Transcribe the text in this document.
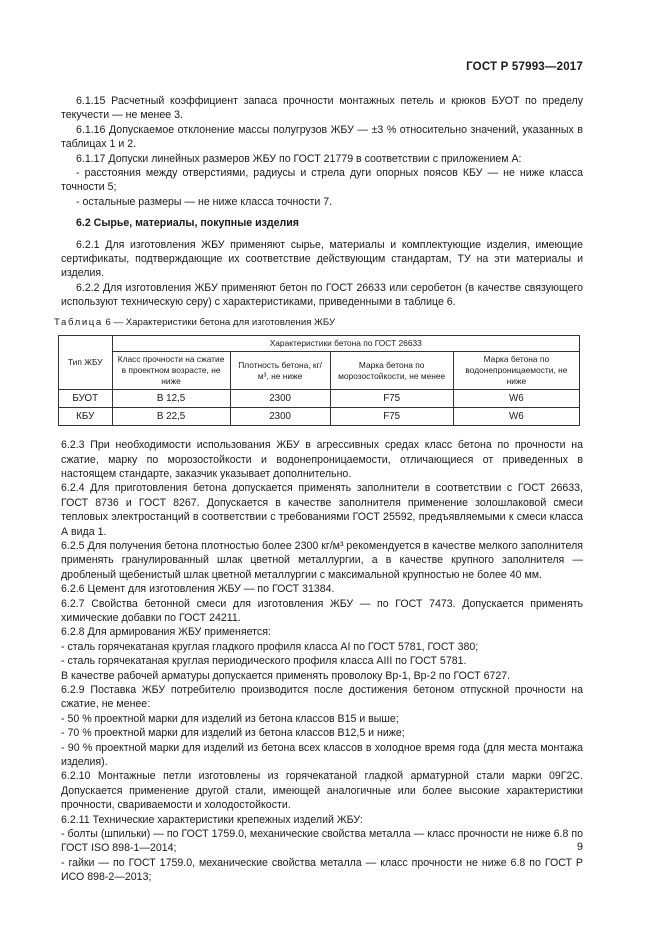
ГОСТ Р 57993—2017

6.1.15 Расчетный коэффициент запаса прочности монтажных петель и крюков БУОТ по пределу текучести — не менее 3.

6.1.16 Допускаемое отклонение массы полугрузов ЖБУ — ±3 % относительно значений, указанных в таблицах 1 и 2.

6.1.17 Допуски линейных размеров ЖБУ по ГОСТ 21779 в соответствии с приложением А:

- расстояния между отверстиями, радиусы и стрела дуги опорных поясов КБУ — не ниже класса точности 5;

- остальные размеры — не ниже класса точности 7.

6.2 Сырье, материалы, покупные изделия

6.2.1 Для изготовления ЖБУ применяют сырье, материалы и комплектующие изделия, имеющие сертификаты, подтверждающие их соответствие действующим стандартам, ТУ на эти материалы и изделия.

6.2.2 Для изготовления ЖБУ применяют бетон по ГОСТ 26633 или серобетон (в качестве связующего используют техническую серу) с характеристиками, приведенными в таблице 6.

Таблица 6 — Характеристики бетона для изготовления ЖБУ

Тип ЖБУ	Характеристики бетона по ГОСТ 26633			
	Класс прочности на сжатие в проектном возрасте, не ниже	Плотность бетона, кг/м³, не ниже	Марка бетона по морозостойкости, не менее	Марка бетона по водонепроницаемости, не ниже
БУОТ	В 12,5	2300	F75	W6
КБУ	В 22,5	2300	F75	W6

6.2.3 При необходимости использования ЖБУ в агрессивных средах класс бетона по прочности на сжатие, марку по морозостойкости и водонепроницаемости, отличающиеся от приведенных в настоящем стандарте, заказчик указывает дополнительно.

6.2.4 Для приготовления бетона допускается применять заполнители в соответствии с ГОСТ 26633, ГОСТ 8736 и ГОСТ 8267. Допускается в качестве заполнителя применение золошлаковой смеси тепловых электростанций в соответствии с требованиями ГОСТ 25592, предъявляемыми к смеси класса А вида 1.

6.2.5 Для получения бетона плотностью более 2300 кг/м³ рекомендуется в качестве мелкого заполнителя применять гранулированный шлак цветной металлургии, а в качестве крупного заполнителя — дробленый щебенистый шлак цветной металлургии с максимальной крупностью не более 40 мм.

6.2.6 Цемент для изготовления ЖБУ — по ГОСТ 31384.

6.2.7 Свойства бетонной смеси для изготовления ЖБУ — по ГОСТ 7473. Допускается применять химические добавки по ГОСТ 24211.

6.2.8 Для армирования ЖБУ применяется:

- сталь горячекатаная круглая гладкого профиля класса АI по ГОСТ 5781, ГОСТ 380;

- сталь горячекатаная круглая периодического профиля класса АIII по ГОСТ 5781.

В качестве рабочей арматуры допускается применять проволоку Вр-1, Вр-2 по ГОСТ 6727.

6.2.9 Поставка ЖБУ потребителю производится после достижения бетоном отпускной прочности на сжатие, не менее:

- 50 % проектной марки для изделий из бетона классов В15 и выше;

- 70 % проектной марки для изделий из бетона классов В12,5 и ниже;

- 90 % проектной марки для изделий из бетона всех классов в холодное время года (для места монтажа изделия).

6.2.10 Монтажные петли изготовлены из горячекатаной гладкой арматурной стали марки 09Г2С. Допускается применение другой стали, имеющей аналогичные или более высокие характеристики прочности, свариваемости и холодостойкости.

6.2.11 Технические характеристики крепежных изделий ЖБУ:

- болты (шпильки) — по ГОСТ 1759.0, механические свойства металла — класс прочности не ниже 6.8 по ГОСТ ISO 898-1—2014;

- гайки — по ГОСТ 1759.0, механические свойства металла — класс прочности не ниже 6.8 по ГОСТ Р ИСО 898-2—2013;

9
